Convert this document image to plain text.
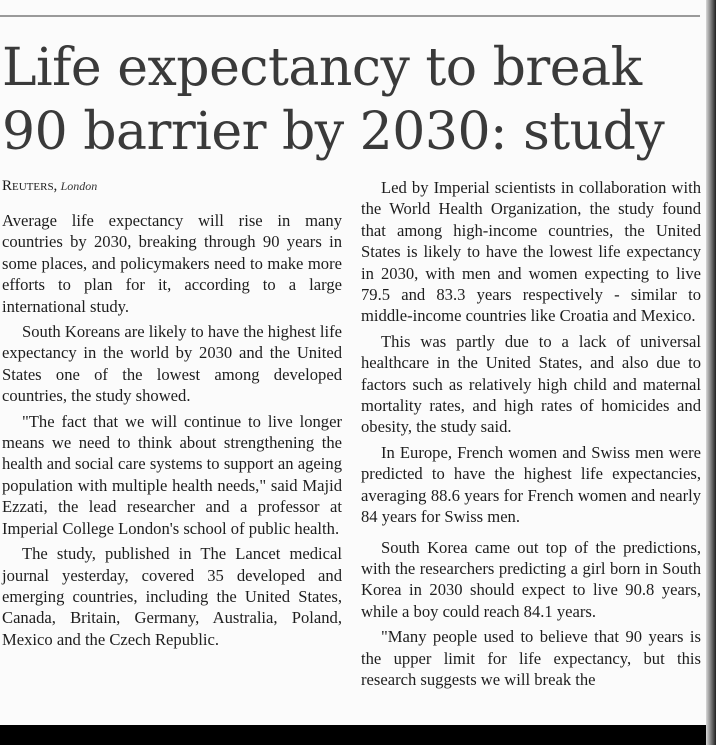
Life expectancy to break
90 barrier by 2030: study
Reuters, London

Average life expectancy will rise in many countries by 2030, breaking through 90 years in some places, and policymakers need to make more efforts to plan for it, according to a large international study.

South Koreans are likely to have the highest life expectancy in the world by 2030 and the United States one of the lowest among developed countries, the study showed.

"The fact that we will continue to live longer means we need to think about strengthening the health and social care systems to support an ageing population with multiple health needs," said Majid Ezzati, the lead researcher and a professor at Imperial College London's school of public health.

The study, published in The Lancet medical journal yesterday, covered 35 developed and emerging countries, including the United States, Canada, Britain, Germany, Australia, Poland, Mexico and the Czech Republic.

Led by Imperial scientists in collaboration with the World Health Organization, the study found that among high-income countries, the United States is likely to have the lowest life expectancy in 2030, with men and women expecting to live 79.5 and 83.3 years respectively - similar to middle-income countries like Croatia and Mexico.

This was partly due to a lack of universal healthcare in the United States, and also due to factors such as relatively high child and maternal mortality rates, and high rates of homicides and obesity, the study said.

In Europe, French women and Swiss men were predicted to have the highest life expectancies, averaging 88.6 years for French women and nearly 84 years for Swiss men.

South Korea came out top of the predictions, with the researchers predicting a girl born in South Korea in 2030 should expect to live 90.8 years, while a boy could reach 84.1 years.

"Many people used to believe that 90 years is the upper limit for life expectancy, but this research suggests we will break the
